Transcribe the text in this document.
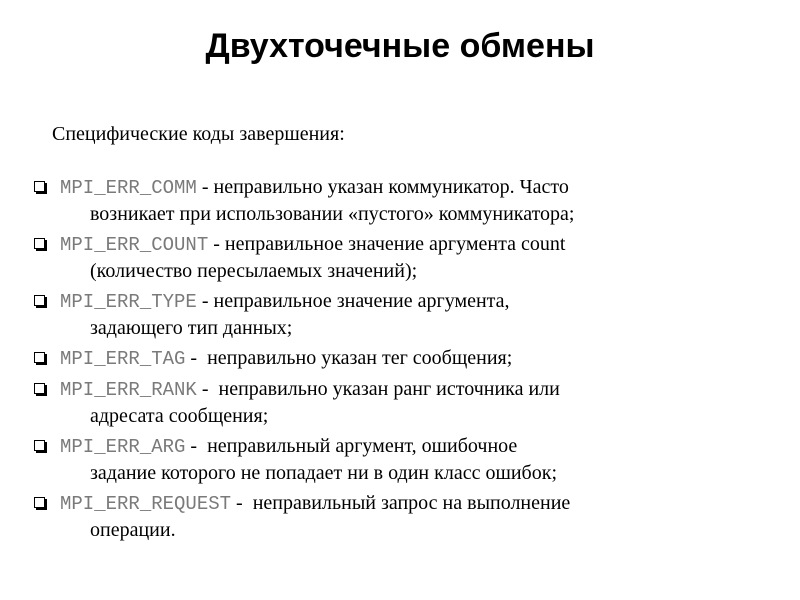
Двухточечные обмены

Специфические коды завершения:

MPI_ERR_COMM - неправильно указан коммуникатор. Часто
возникает при использовании «пустого» коммуникатора;
MPI_ERR_COUNT - неправильное значение аргумента count
(количество пересылаемых значений);
MPI_ERR_TYPE - неправильное значение аргумента,
задающего тип данных;
MPI_ERR_TAG -  неправильно указан тег сообщения;
MPI_ERR_RANK -  неправильно указан ранг источника или
адресата сообщения;
MPI_ERR_ARG -  неправильный аргумент, ошибочное
задание которого не попадает ни в один класс ошибок;
MPI_ERR_REQUEST -  неправильный запрос на выполнение
операции.
